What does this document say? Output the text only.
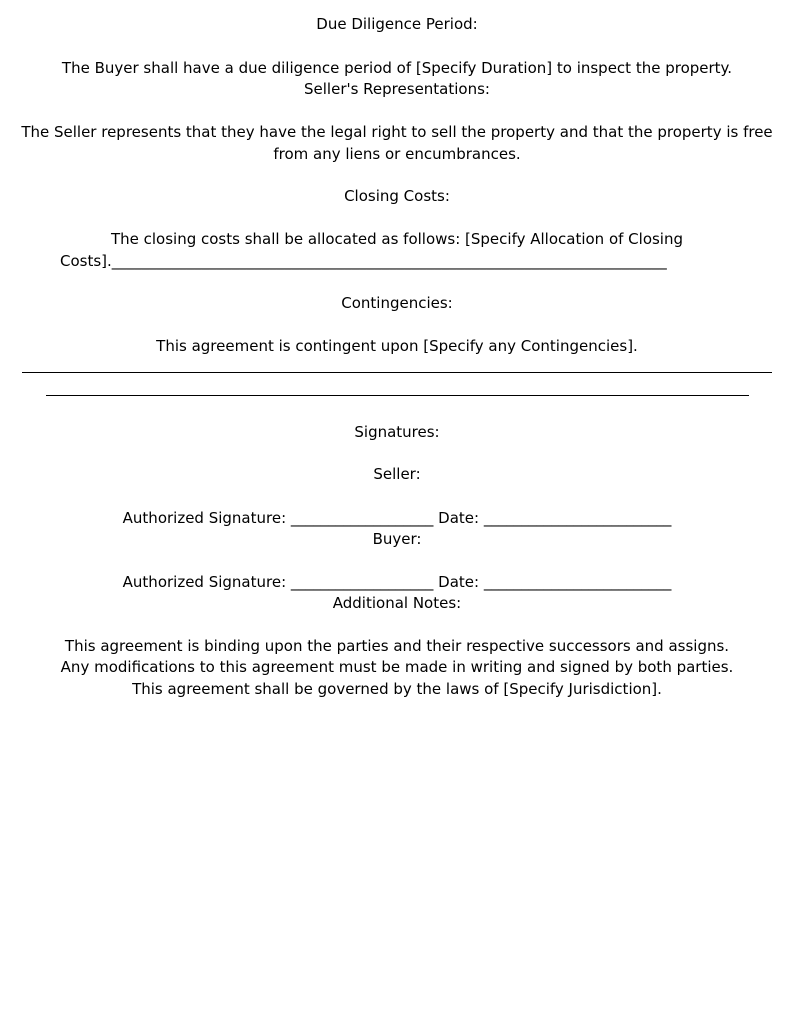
Due Diligence Period:
The Buyer shall have a due diligence period of [Specify Duration] to inspect the property.
Seller's Representations:
The Seller represents that they have the legal right to sell the property and that the property is free
from any liens or encumbrances.
Closing Costs:
The closing costs shall be allocated as follows: [Specify Allocation of Closing
Costs].__________________________________________________________________________
Contingencies:
This agreement is contingent upon [Specify any Contingencies].
Signatures:
Seller:
Authorized Signature: ___________________ Date: _________________________
Buyer:
Authorized Signature: ___________________ Date: _________________________
Additional Notes:
This agreement is binding upon the parties and their respective successors and assigns.
Any modifications to this agreement must be made in writing and signed by both parties.
This agreement shall be governed by the laws of [Specify Jurisdiction].
